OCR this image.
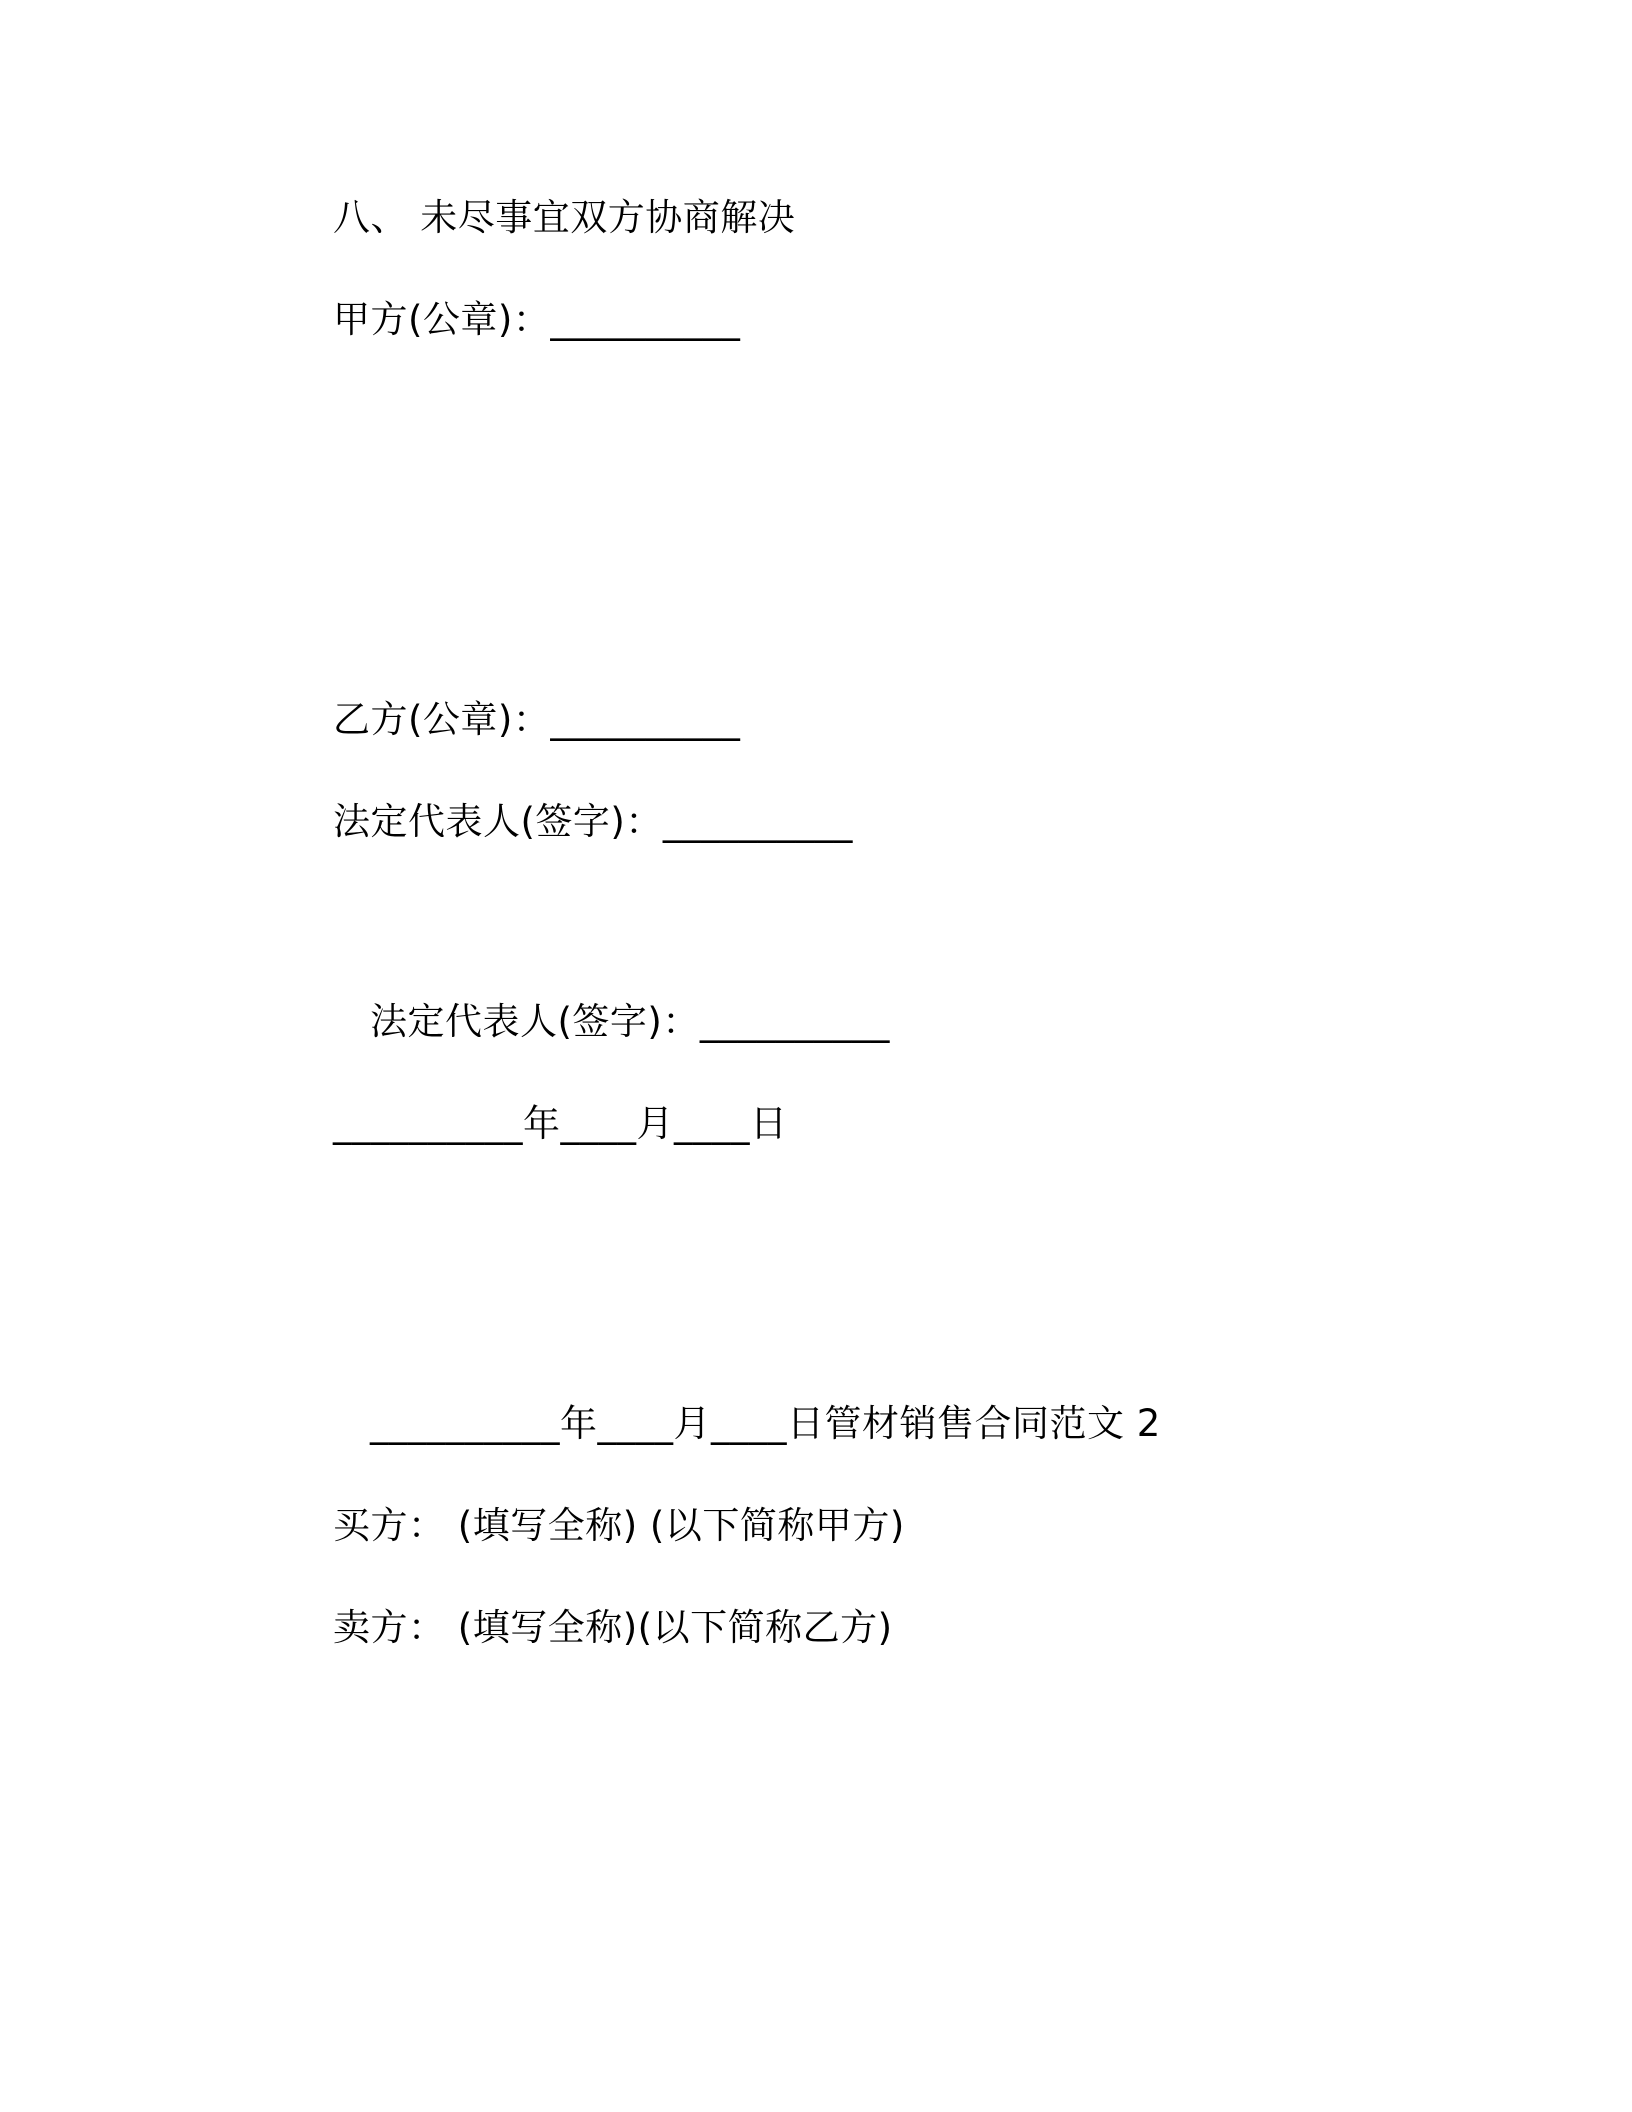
八、 未尽事宜双方协商解决
甲方(公章)：__________
乙方(公章)：__________
法定代表人(签字)：__________
法定代表人(签字)：__________
__________年____月____日
__________年____月____日管材销售合同范文 2
买方： (填写全称) (以下简称甲方)
卖方： (填写全称)(以下简称乙方)
